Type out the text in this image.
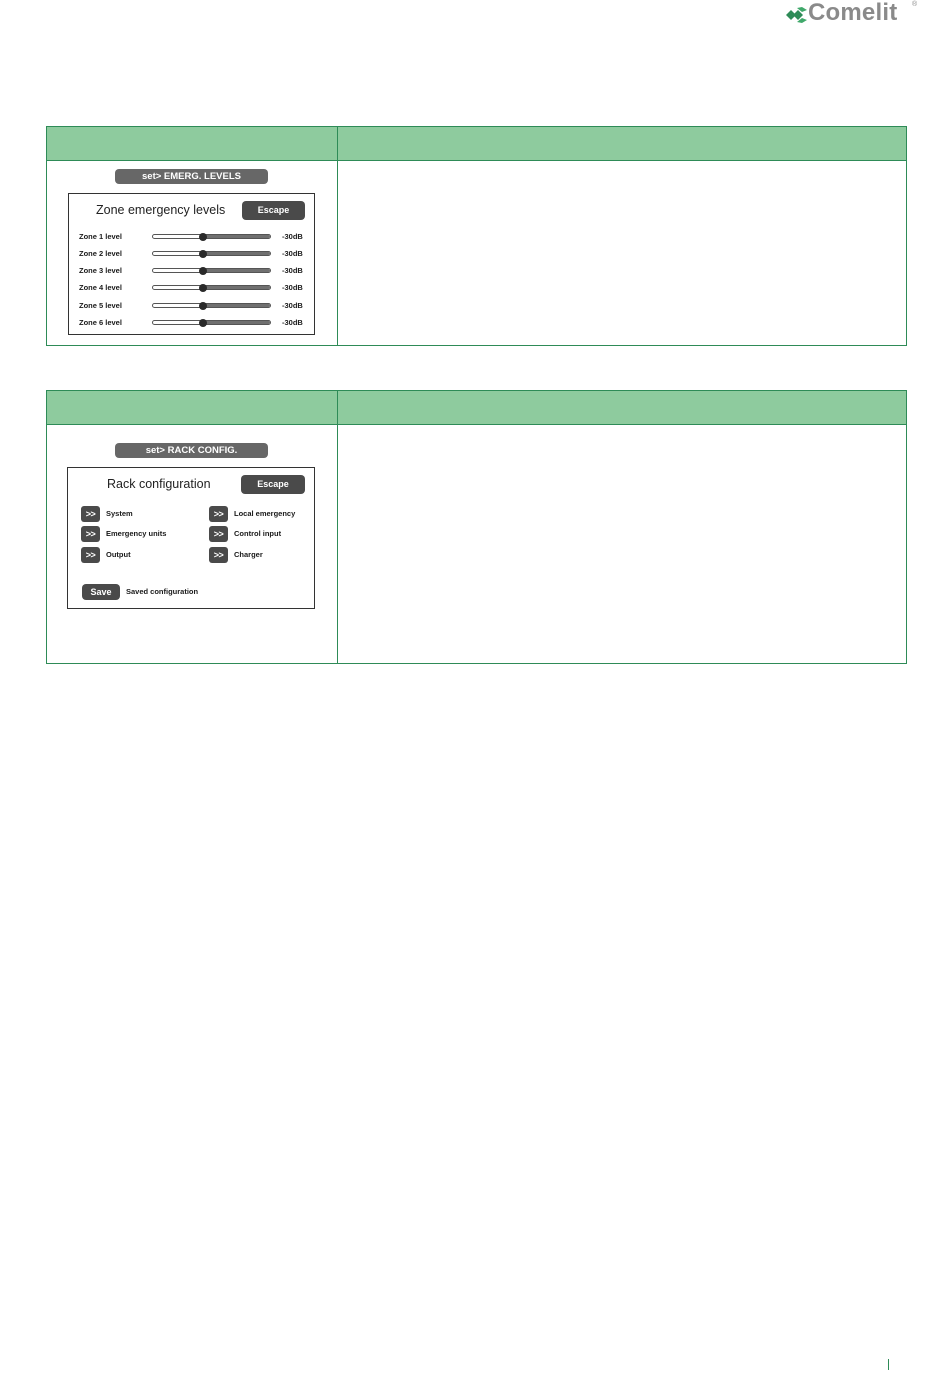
Comelit ®
set> EMERG. LEVELS
Zone emergency levels	Escape
Zone 1 level	-30dB
Zone 2 level	-30dB
Zone 3 level	-30dB
Zone 4 level	-30dB
Zone 5 level	-30dB
Zone 6 level	-30dB
set> RACK CONFIG.
Rack configuration	Escape
>>	System
>>	Emergency units
>>	Output
>>	Local emergency
>>	Control input
>>	Charger
Save	Saved configuration
